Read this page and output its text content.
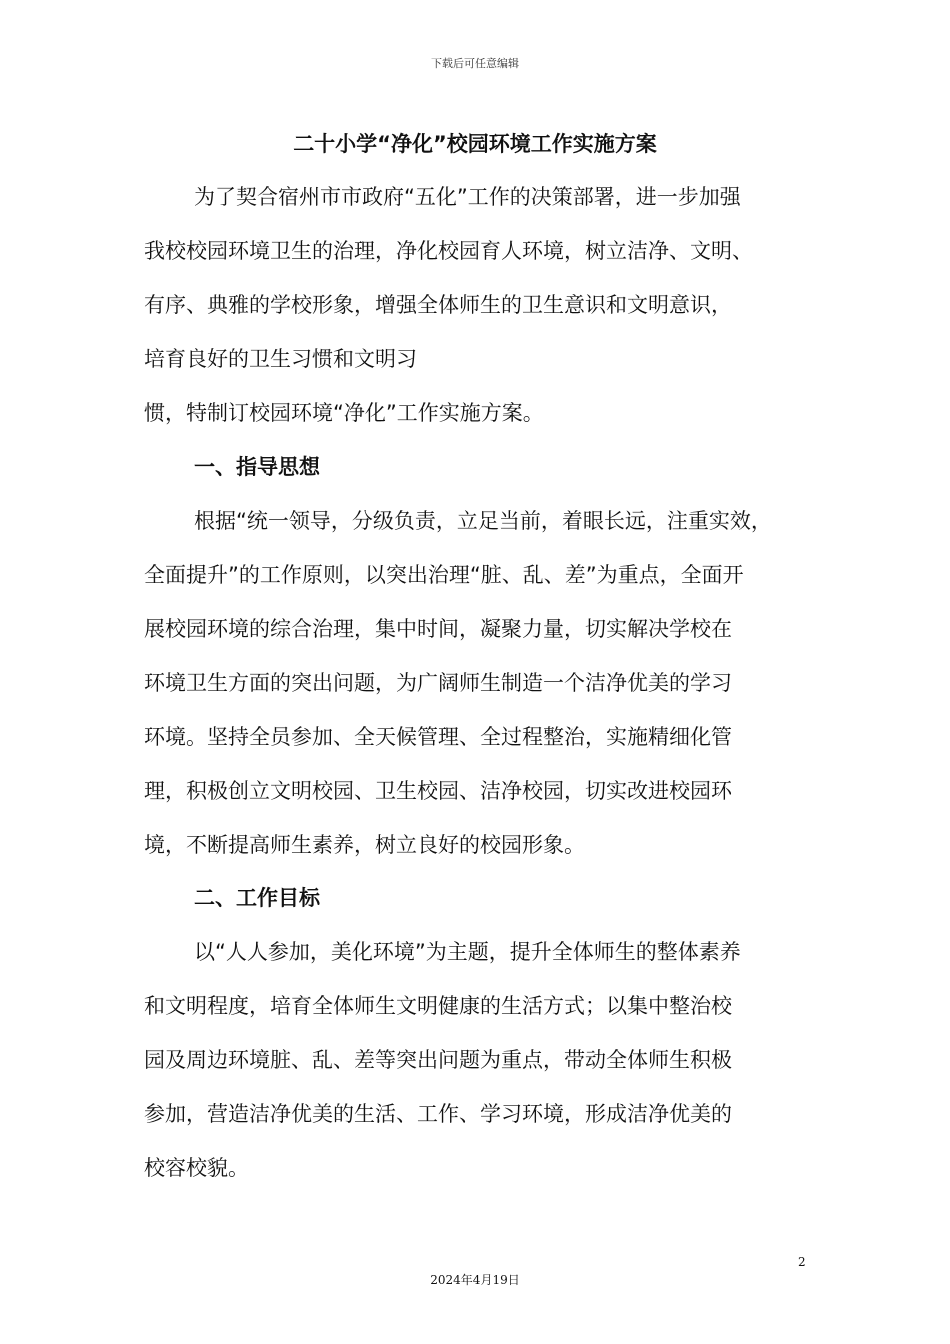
下载后可任意编辑
二十小学“净化”校园环境工作实施方案
为了契合宿州市市政府“五化”工作的决策部署，进一步加强
我校校园环境卫生的治理，净化校园育人环境，树立洁净、文明、
有序、典雅的学校形象，增强全体师生的卫生意识和文明意识，
培育良好的卫生习惯和文明习
惯，特制订校园环境“净化”工作实施方案。
一、指导思想
根据“统一领导，分级负责，立足当前，着眼长远，注重实效，
全面提升”的工作原则，以突出治理“脏、乱、差”为重点，全面开
展校园环境的综合治理，集中时间，凝聚力量，切实解决学校在
环境卫生方面的突出问题，为广阔师生制造一个洁净优美的学习
环境。坚持全员参加、全天候管理、全过程整治，实施精细化管
理，积极创立文明校园、卫生校园、洁净校园，切实改进校园环
境，不断提高师生素养，树立良好的校园形象。
二、工作目标
以“人人参加，美化环境”为主题，提升全体师生的整体素养
和文明程度，培育全体师生文明健康的生活方式；以集中整治校
园及周边环境脏、乱、差等突出问题为重点，带动全体师生积极
参加，营造洁净优美的生活、工作、学习环境，形成洁净优美的
校容校貌。
2
2024年4月19日
